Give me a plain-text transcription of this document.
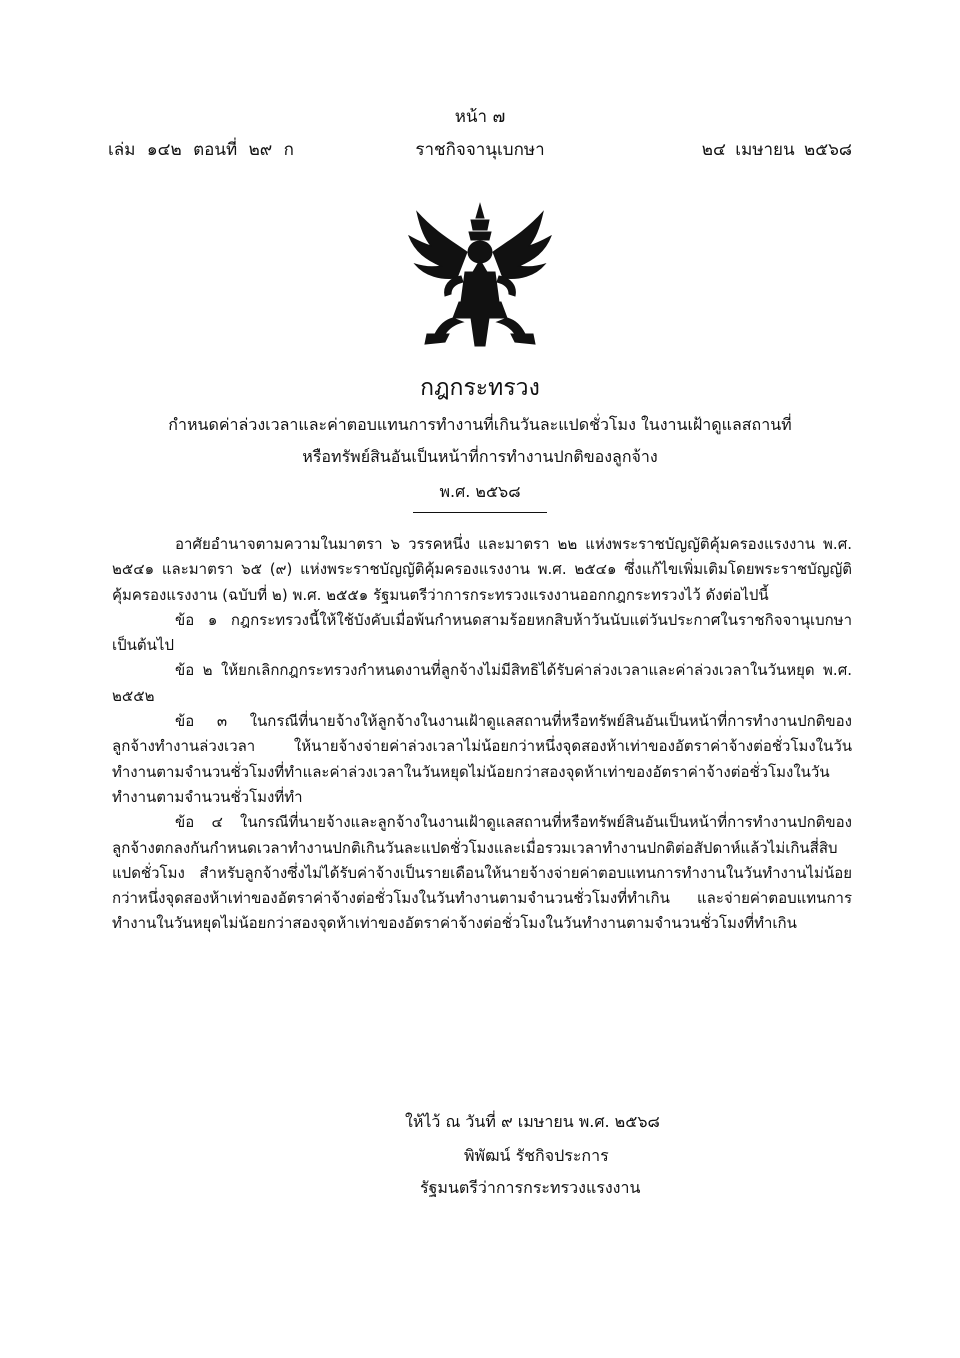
หน้า ๗
เล่ม ๑๔๒ ตอนที่ ๒๙ ก	ราชกิจจานุเบกษา	๒๔ เมษายน ๒๕๖๘
กฎกระทรวง
กำหนดค่าล่วงเวลาและค่าตอบแทนการทำงานที่เกินวันละแปดชั่วโมง ในงานเฝ้าดูแลสถานที่
หรือทรัพย์สินอันเป็นหน้าที่การทำงานปกติของลูกจ้าง
พ.ศ. ๒๕๖๘

อาศัยอำนาจตามความในมาตรา ๖ วรรคหนึ่ง และมาตรา ๒๒ แห่งพระราชบัญญัติคุ้มครองแรงงาน พ.ศ. ๒๕๔๑ และมาตรา ๖๕ (๙) แห่งพระราชบัญญัติคุ้มครองแรงงาน พ.ศ. ๒๕๔๑ ซึ่งแก้ไขเพิ่มเติมโดยพระราชบัญญัติคุ้มครองแรงงาน (ฉบับที่ ๒) พ.ศ. ๒๕๕๑ รัฐมนตรีว่าการกระทรวงแรงงานออกกฎกระทรวงไว้ ดังต่อไปนี้

ข้อ ๑ กฎกระทรวงนี้ให้ใช้บังคับเมื่อพ้นกำหนดสามร้อยหกสิบห้าวันนับแต่วันประกาศในราชกิจจานุเบกษาเป็นต้นไป

ข้อ ๒ ให้ยกเลิกกฎกระทรวงกำหนดงานที่ลูกจ้างไม่มีสิทธิได้รับค่าล่วงเวลาและค่าล่วงเวลาในวันหยุด พ.ศ. ๒๕๕๒

ข้อ ๓ ในกรณีที่นายจ้างให้ลูกจ้างในงานเฝ้าดูแลสถานที่หรือทรัพย์สินอันเป็นหน้าที่การทำงานปกติของลูกจ้างทำงานล่วงเวลา ให้นายจ้างจ่ายค่าล่วงเวลาไม่น้อยกว่าหนึ่งจุดสองห้าเท่าของอัตราค่าจ้างต่อชั่วโมงในวันทำงานตามจำนวนชั่วโมงที่ทำและค่าล่วงเวลาในวันหยุดไม่น้อยกว่าสองจุดห้าเท่าของอัตราค่าจ้างต่อชั่วโมงในวันทำงานตามจำนวนชั่วโมงที่ทำ

ข้อ ๔ ในกรณีที่นายจ้างและลูกจ้างในงานเฝ้าดูแลสถานที่หรือทรัพย์สินอันเป็นหน้าที่การทำงานปกติของลูกจ้างตกลงกันกำหนดเวลาทำงานปกติเกินวันละแปดชั่วโมงและเมื่อรวมเวลาทำงานปกติต่อสัปดาห์แล้วไม่เกินสี่สิบแปดชั่วโมง สำหรับลูกจ้างซึ่งไม่ได้รับค่าจ้างเป็นรายเดือนให้นายจ้างจ่ายค่าตอบแทนการทำงานในวันทำงานไม่น้อยกว่าหนึ่งจุดสองห้าเท่าของอัตราค่าจ้างต่อชั่วโมงในวันทำงานตามจำนวนชั่วโมงที่ทำเกิน และจ่ายค่าตอบแทนการทำงานในวันหยุดไม่น้อยกว่าสองจุดห้าเท่าของอัตราค่าจ้างต่อชั่วโมงในวันทำงานตามจำนวนชั่วโมงที่ทำเกิน

ให้ไว้ ณ วันที่ ๙ เมษายน พ.ศ. ๒๕๖๘
พิพัฒน์ รัชกิจประการ
รัฐมนตรีว่าการกระทรวงแรงงาน
